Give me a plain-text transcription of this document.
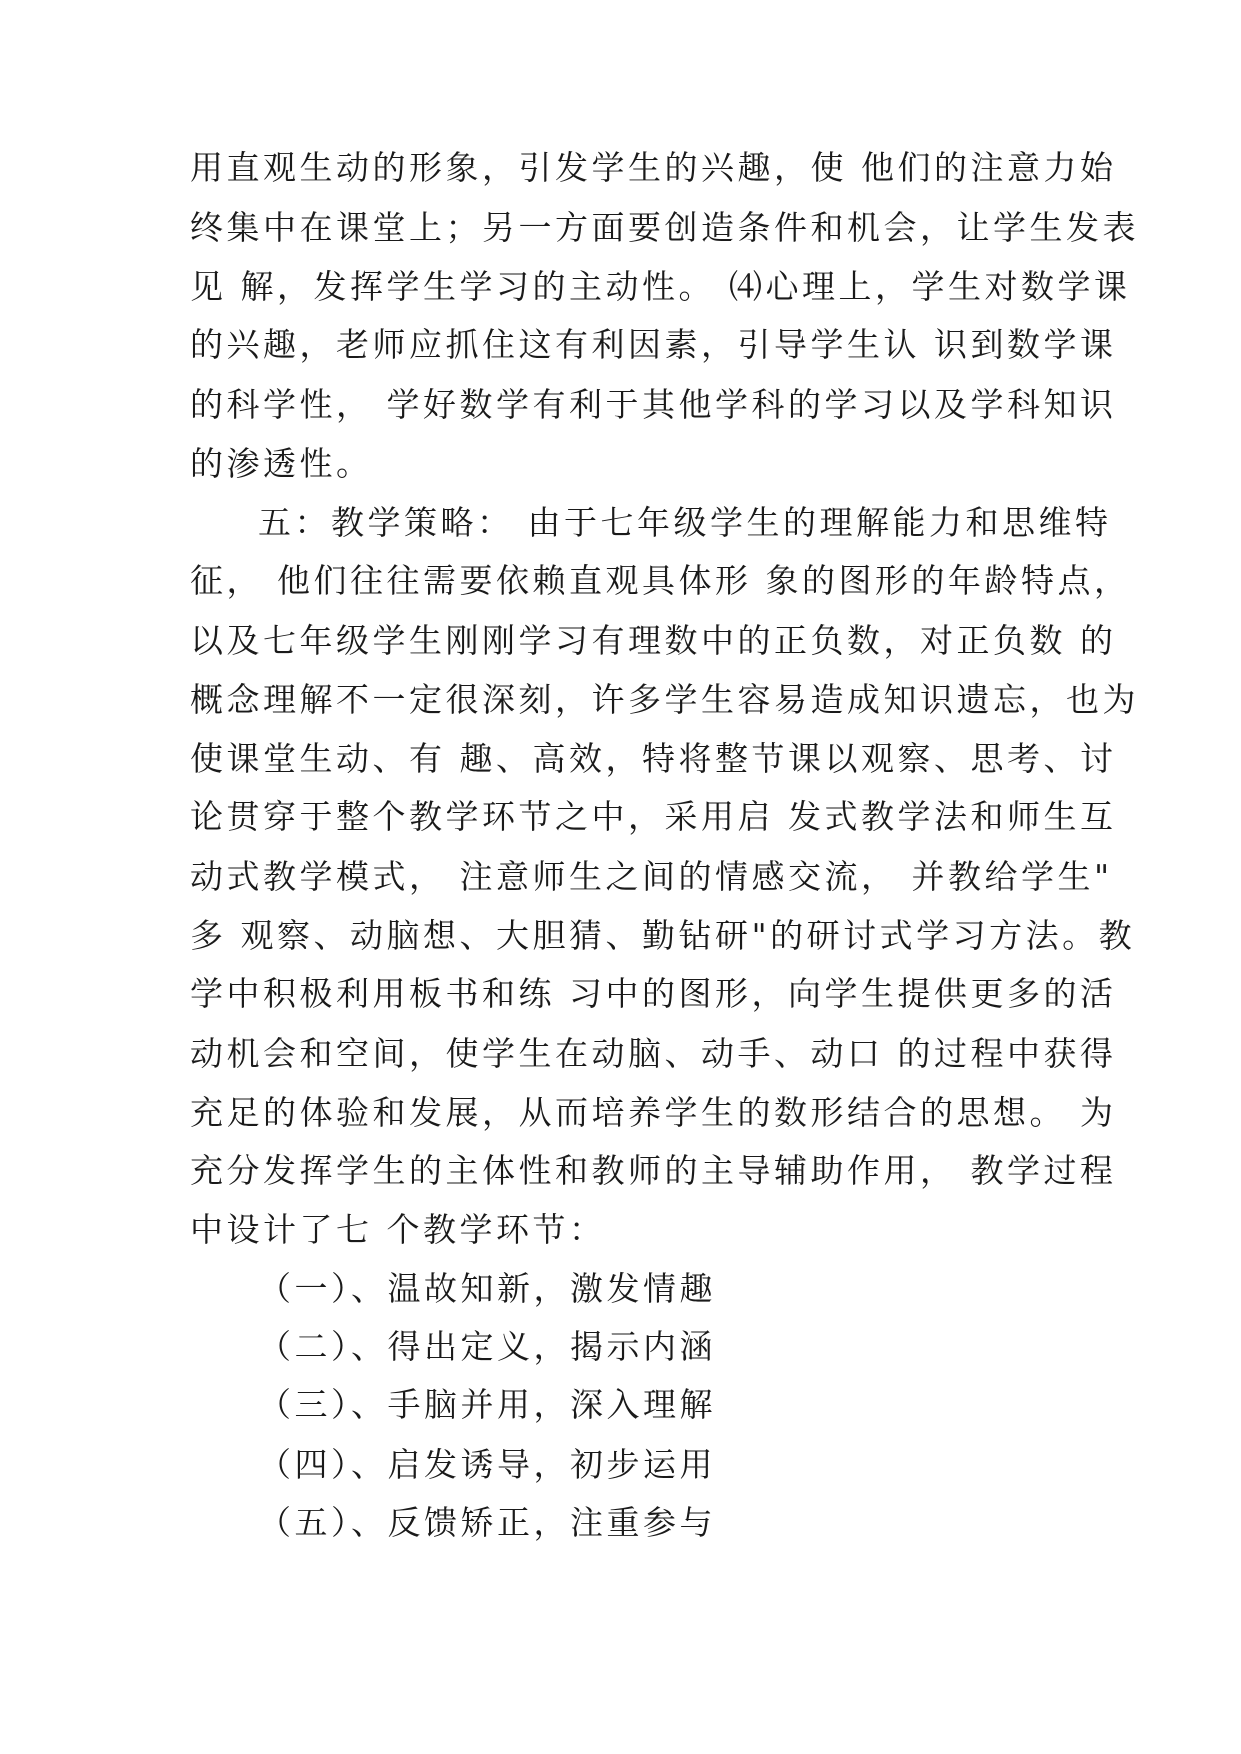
用直观生动的形象，引发学生的兴趣，使 他们的注意力始
终集中在课堂上；另一方面要创造条件和机会，让学生发表
见 解，发挥学生学习的主动性。 ⑷心理上，学生对数学课
的兴趣，老师应抓住这有利因素，引导学生认 识到数学课
的科学性， 学好数学有利于其他学科的学习以及学科知识
的渗透性。
五：教学策略： 由于七年级学生的理解能力和思维特
征， 他们往往需要依赖直观具体形 象的图形的年龄特点，
以及七年级学生刚刚学习有理数中的正负数，对正负数 的
概念理解不一定很深刻，许多学生容易造成知识遗忘，也为
使课堂生动、有 趣、高效，特将整节课以观察、思考、讨
论贯穿于整个教学环节之中，采用启 发式教学法和师生互
动式教学模式， 注意师生之间的情感交流， 并教给学生"
多 观察、动脑想、大胆猜、勤钻研"的研讨式学习方法。教
学中积极利用板书和练 习中的图形，向学生提供更多的活
动机会和空间，使学生在动脑、动手、动口 的过程中获得
充足的体验和发展，从而培养学生的数形结合的思想。 为
充分发挥学生的主体性和教师的主导辅助作用， 教学过程
中设计了七 个教学环节：
（一）、温故知新，激发情趣
（二）、得出定义，揭示内涵
（三）、手脑并用，深入理解
（四）、启发诱导，初步运用
（五）、反馈矫正，注重参与
